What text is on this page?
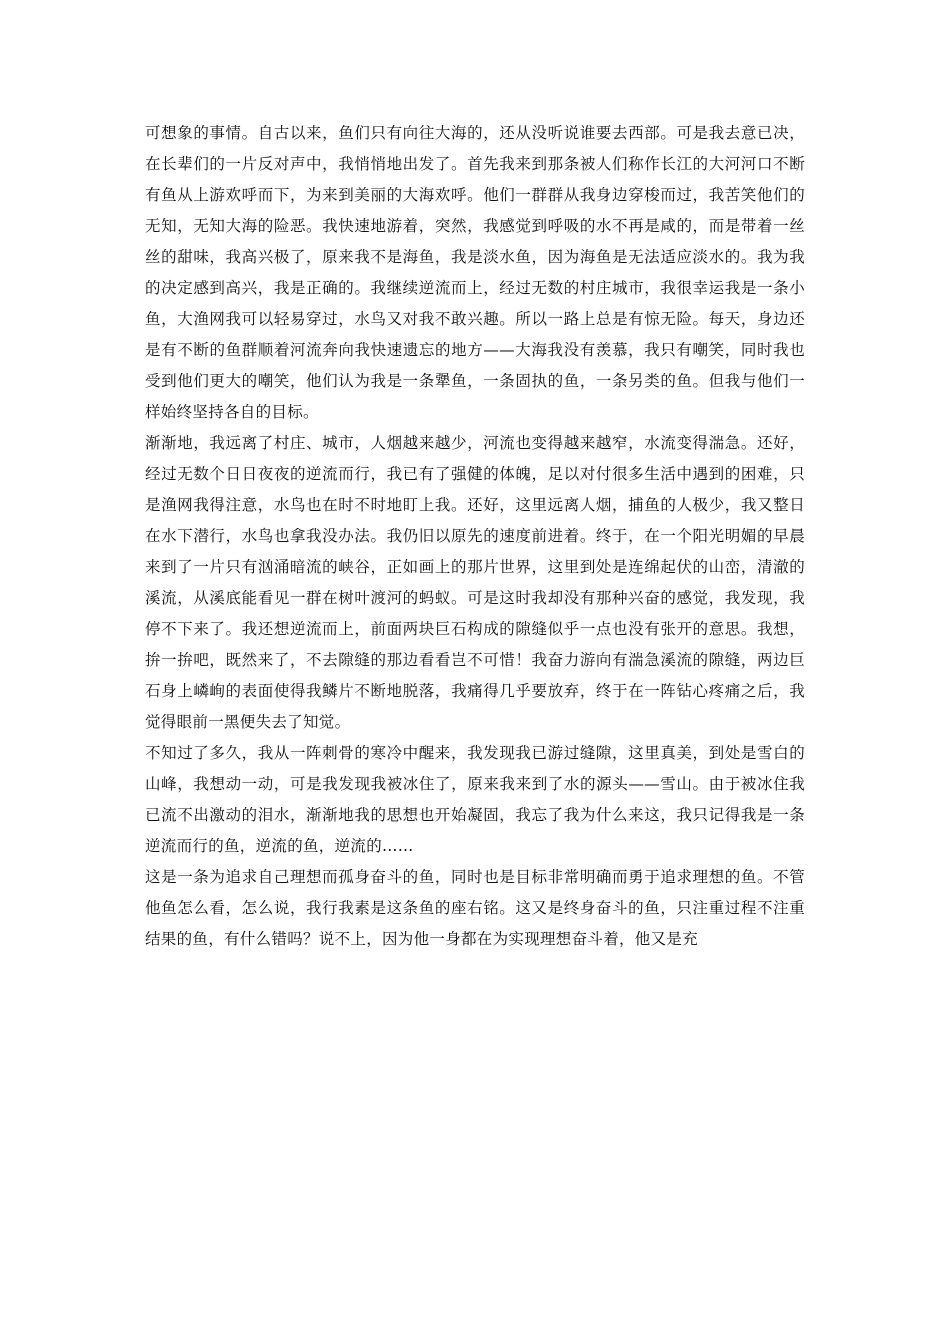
可想象的事情。自古以来，鱼们只有向往大海的，还从没听说谁要去西部。可是我去意已决，在长辈们的一片反对声中，我悄悄地出发了。首先我来到那条被人们称作长江的大河河口不断有鱼从上游欢呼而下，为来到美丽的大海欢呼。他们一群群从我身边穿梭而过，我苦笑他们的无知，无知大海的险恶。我快速地游着，突然，我感觉到呼吸的水不再是咸的，而是带着一丝丝的甜味，我高兴极了，原来我不是海鱼，我是淡水鱼，因为海鱼是无法适应淡水的。我为我的决定感到高兴，我是正确的。我继续逆流而上，经过无数的村庄城市，我很幸运我是一条小鱼，大渔网我可以轻易穿过，水鸟又对我不敢兴趣。所以一路上总是有惊无险。每天，身边还是有不断的鱼群顺着河流奔向我快速遗忘的地方——大海我没有羡慕，我只有嘲笑，同时我也受到他们更大的嘲笑，他们认为我是一条犟鱼，一条固执的鱼，一条另类的鱼。但我与他们一样始终坚持各自的目标。

渐渐地，我远离了村庄、城市，人烟越来越少，河流也变得越来越窄，水流变得湍急。还好，经过无数个日日夜夜的逆流而行，我已有了强健的体魄，足以对付很多生活中遇到的困难，只是渔网我得注意，水鸟也在时不时地盯上我。还好，这里远离人烟，捕鱼的人极少，我又整日在水下潜行，水鸟也拿我没办法。我仍旧以原先的速度前进着。终于，在一个阳光明媚的早晨来到了一片只有汹涌暗流的峡谷，正如画上的那片世界，这里到处是连绵起伏的山峦，清澈的溪流，从溪底能看见一群在树叶渡河的蚂蚁。可是这时我却没有那种兴奋的感觉，我发现，我停不下来了。我还想逆流而上，前面两块巨石构成的隙缝似乎一点也没有张开的意思。我想，拚一拚吧，既然来了，不去隙缝的那边看看岂不可惜！我奋力游向有湍急溪流的隙缝，两边巨石身上嶙峋的表面使得我鳞片不断地脱落，我痛得几乎要放弃，终于在一阵钻心疼痛之后，我觉得眼前一黑便失去了知觉。

不知过了多久，我从一阵刺骨的寒冷中醒来，我发现我已游过缝隙，这里真美，到处是雪白的山峰，我想动一动，可是我发现我被冰住了，原来我来到了水的源头——雪山。由于被冰住我已流不出激动的泪水，渐渐地我的思想也开始凝固，我忘了我为什么来这，我只记得我是一条逆流而行的鱼，逆流的鱼，逆流的……

这是一条为追求自己理想而孤身奋斗的鱼，同时也是目标非常明确而勇于追求理想的鱼。不管他鱼怎么看，怎么说，我行我素是这条鱼的座右铭。这又是终身奋斗的鱼，只注重过程不注重结果的鱼，有什么错吗？说不上，因为他一身都在为实现理想奋斗着，他又是充
